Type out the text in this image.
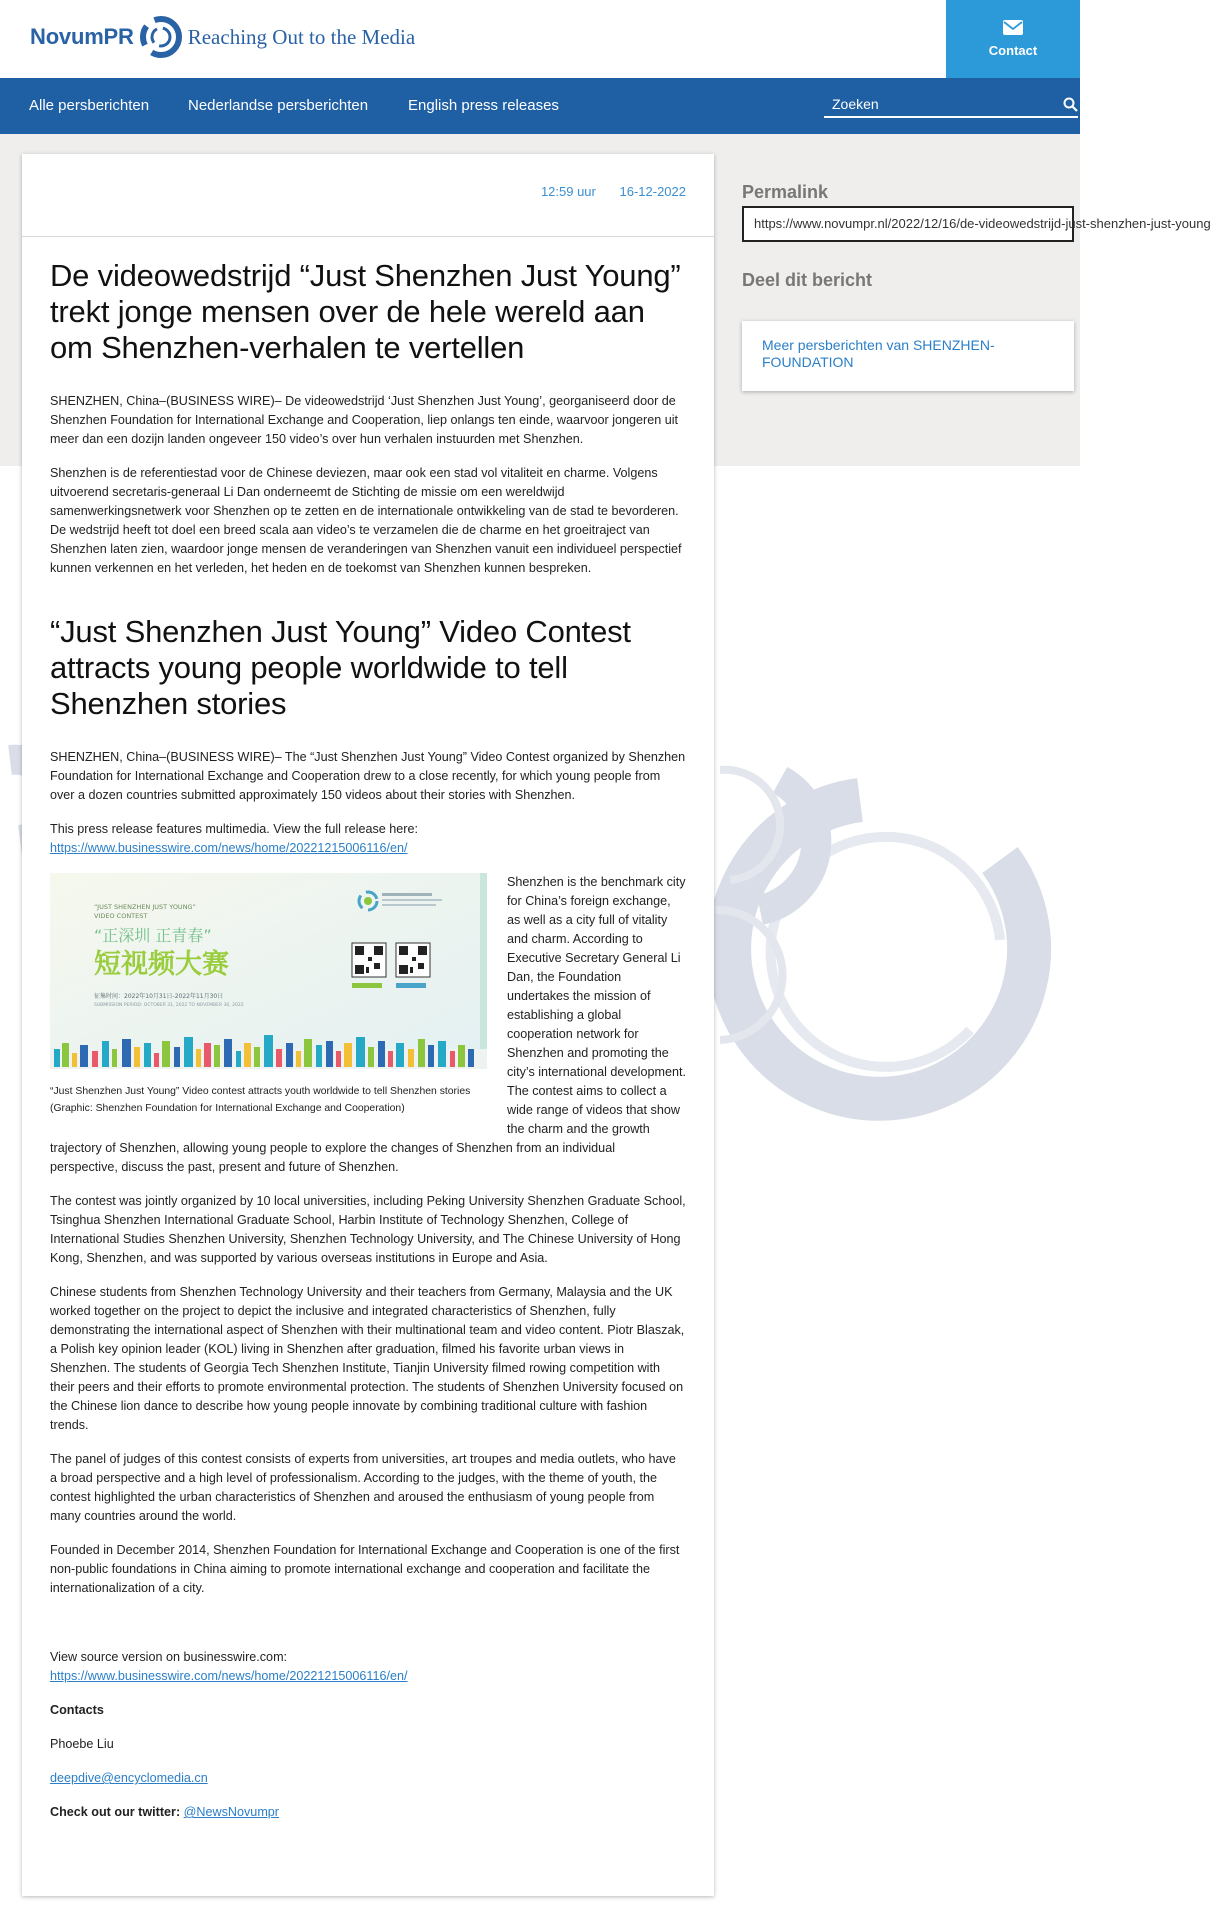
NovumPR	Reaching Out to the Media
Contact
Alle persberichten	Nederlandse persberichten	English press releases
Zoeken
12:59 uur 16-12-2022
De videowedstrijd “Just Shenzhen Just Young” trekt jonge mensen over de hele wereld aan om Shenzhen-verhalen te vertellen

SHENZHEN, China–(BUSINESS WIRE)– De videowedstrijd ‘Just Shenzhen Just Young’, georganiseerd door de Shenzhen Foundation for International Exchange and Cooperation, liep onlangs ten einde, waarvoor jongeren uit meer dan een dozijn landen ongeveer 150 video’s over hun verhalen instuurden met Shenzhen.

Shenzhen is de referentiestad voor de Chinese deviezen, maar ook een stad vol vitaliteit en charme. Volgens uitvoerend secretaris-generaal Li Dan onderneemt de Stichting de missie om een wereldwijd samenwerkingsnetwerk voor Shenzhen op te zetten en de internationale ontwikkeling van de stad te bevorderen. De wedstrijd heeft tot doel een breed scala aan video’s te verzamelen die de charme en het groeitraject van Shenzhen laten zien, waardoor jonge mensen de veranderingen van Shenzhen vanuit een individueel perspectief kunnen verkennen en het verleden, het heden en de toekomst van Shenzhen kunnen bespreken.

“Just Shenzhen Just Young” Video Contest attracts young people worldwide to tell Shenzhen stories

SHENZHEN, China–(BUSINESS WIRE)– The “Just Shenzhen Just Young” Video Contest organized by Shenzhen Foundation for International Exchange and Cooperation drew to a close recently, for which young people from over a dozen countries submitted approximately 150 videos about their stories with Shenzhen.

This press release features multimedia. View the full release here:
https://www.businesswire.com/news/home/20221215006116/en/

“JUST SHENZHEN JUST YOUNG”
VIDEO CONTEST
“正深圳 正青春”
短视频大赛
征集时间：2022年10月31日-2022年11月30日
SUBMISSION PERIOD: OCTOBER 31, 2022 TO NOVEMBER 30, 2022
“Just Shenzhen Just Young” Video contest attracts youth worldwide to tell Shenzhen stories (Graphic: Shenzhen Foundation for International Exchange and Cooperation)

Shenzhen is the benchmark city for China’s foreign exchange, as well as a city full of vitality and charm. According to Executive Secretary General Li Dan, the Foundation undertakes the mission of establishing a global cooperation network for Shenzhen and promoting the city’s international development. The contest aims to collect a wide range of videos that show the charm and the growth trajectory of Shenzhen, allowing young people to explore the changes of Shenzhen from an individual perspective, discuss the past, present and future of Shenzhen.

The contest was jointly organized by 10 local universities, including Peking University Shenzhen Graduate School, Tsinghua Shenzhen International Graduate School, Harbin Institute of Technology Shenzhen, College of International Studies Shenzhen University, Shenzhen Technology University, and The Chinese University of Hong Kong, Shenzhen, and was supported by various overseas institutions in Europe and Asia.

Chinese students from Shenzhen Technology University and their teachers from Germany, Malaysia and the UK worked together on the project to depict the inclusive and integrated characteristics of Shenzhen, fully demonstrating the international aspect of Shenzhen with their multinational team and video content. Piotr Blaszak, a Polish key opinion leader (KOL) living in Shenzhen after graduation, filmed his favorite urban views in Shenzhen. The students of Georgia Tech Shenzhen Institute, Tianjin University filmed rowing competition with their peers and their efforts to promote environmental protection. The students of Shenzhen University focused on the Chinese lion dance to describe how young people innovate by combining traditional culture with fashion trends.

The panel of judges of this contest consists of experts from universities, art troupes and media outlets, who have a broad perspective and a high level of professionalism. According to the judges, with the theme of youth, the contest highlighted the urban characteristics of Shenzhen and aroused the enthusiasm of young people from many countries around the world.

Founded in December 2014, Shenzhen Foundation for International Exchange and Cooperation is one of the first non-public foundations in China aiming to promote international exchange and cooperation and facilitate the internationalization of a city.

View source version on businesswire.com:
https://www.businesswire.com/news/home/20221215006116/en/

Contacts

Phoebe Liu

deepdive@encyclomedia.cn

Check out our twitter: @NewsNovumpr

Permalink
https://www.novumpr.nl/2022/12/16/de-videowedstrijd-just-shenzhen-just-young
Deel dit bericht
Meer persberichten van SHENZHEN-FOUNDATION
